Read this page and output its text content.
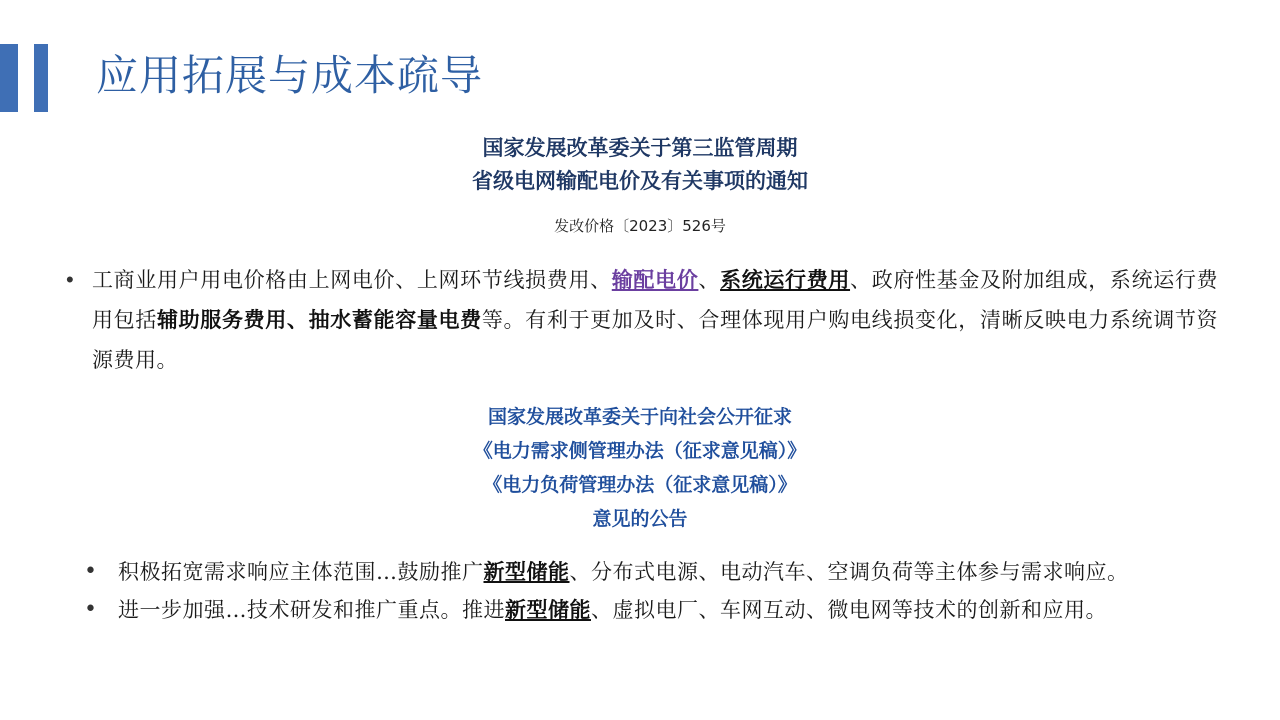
应用拓展与成本疏导
国家发展改革委关于第三监管周期
省级电网输配电价及有关事项的通知
发改价格〔2023〕526号
• 工商业用户用电价格由上网电价、上网环节线损费用、输配电价、系统运行费用、政府性基金及附加组成，系统运行费用包括辅助服务费用、抽水蓄能容量电费等。有利于更加及时、合理体现用户购电线损变化，清晰反映电力系统调节资源费用。
国家发展改革委关于向社会公开征求
《电力需求侧管理办法（征求意见稿）》
《电力负荷管理办法（征求意见稿）》
意见的公告
• 积极拓宽需求响应主体范围…鼓励推广新型储能、分布式电源、电动汽车、空调负荷等主体参与需求响应。
• 进一步加强…技术研发和推广重点。推进新型储能、虚拟电厂、车网互动、微电网等技术的创新和应用。
